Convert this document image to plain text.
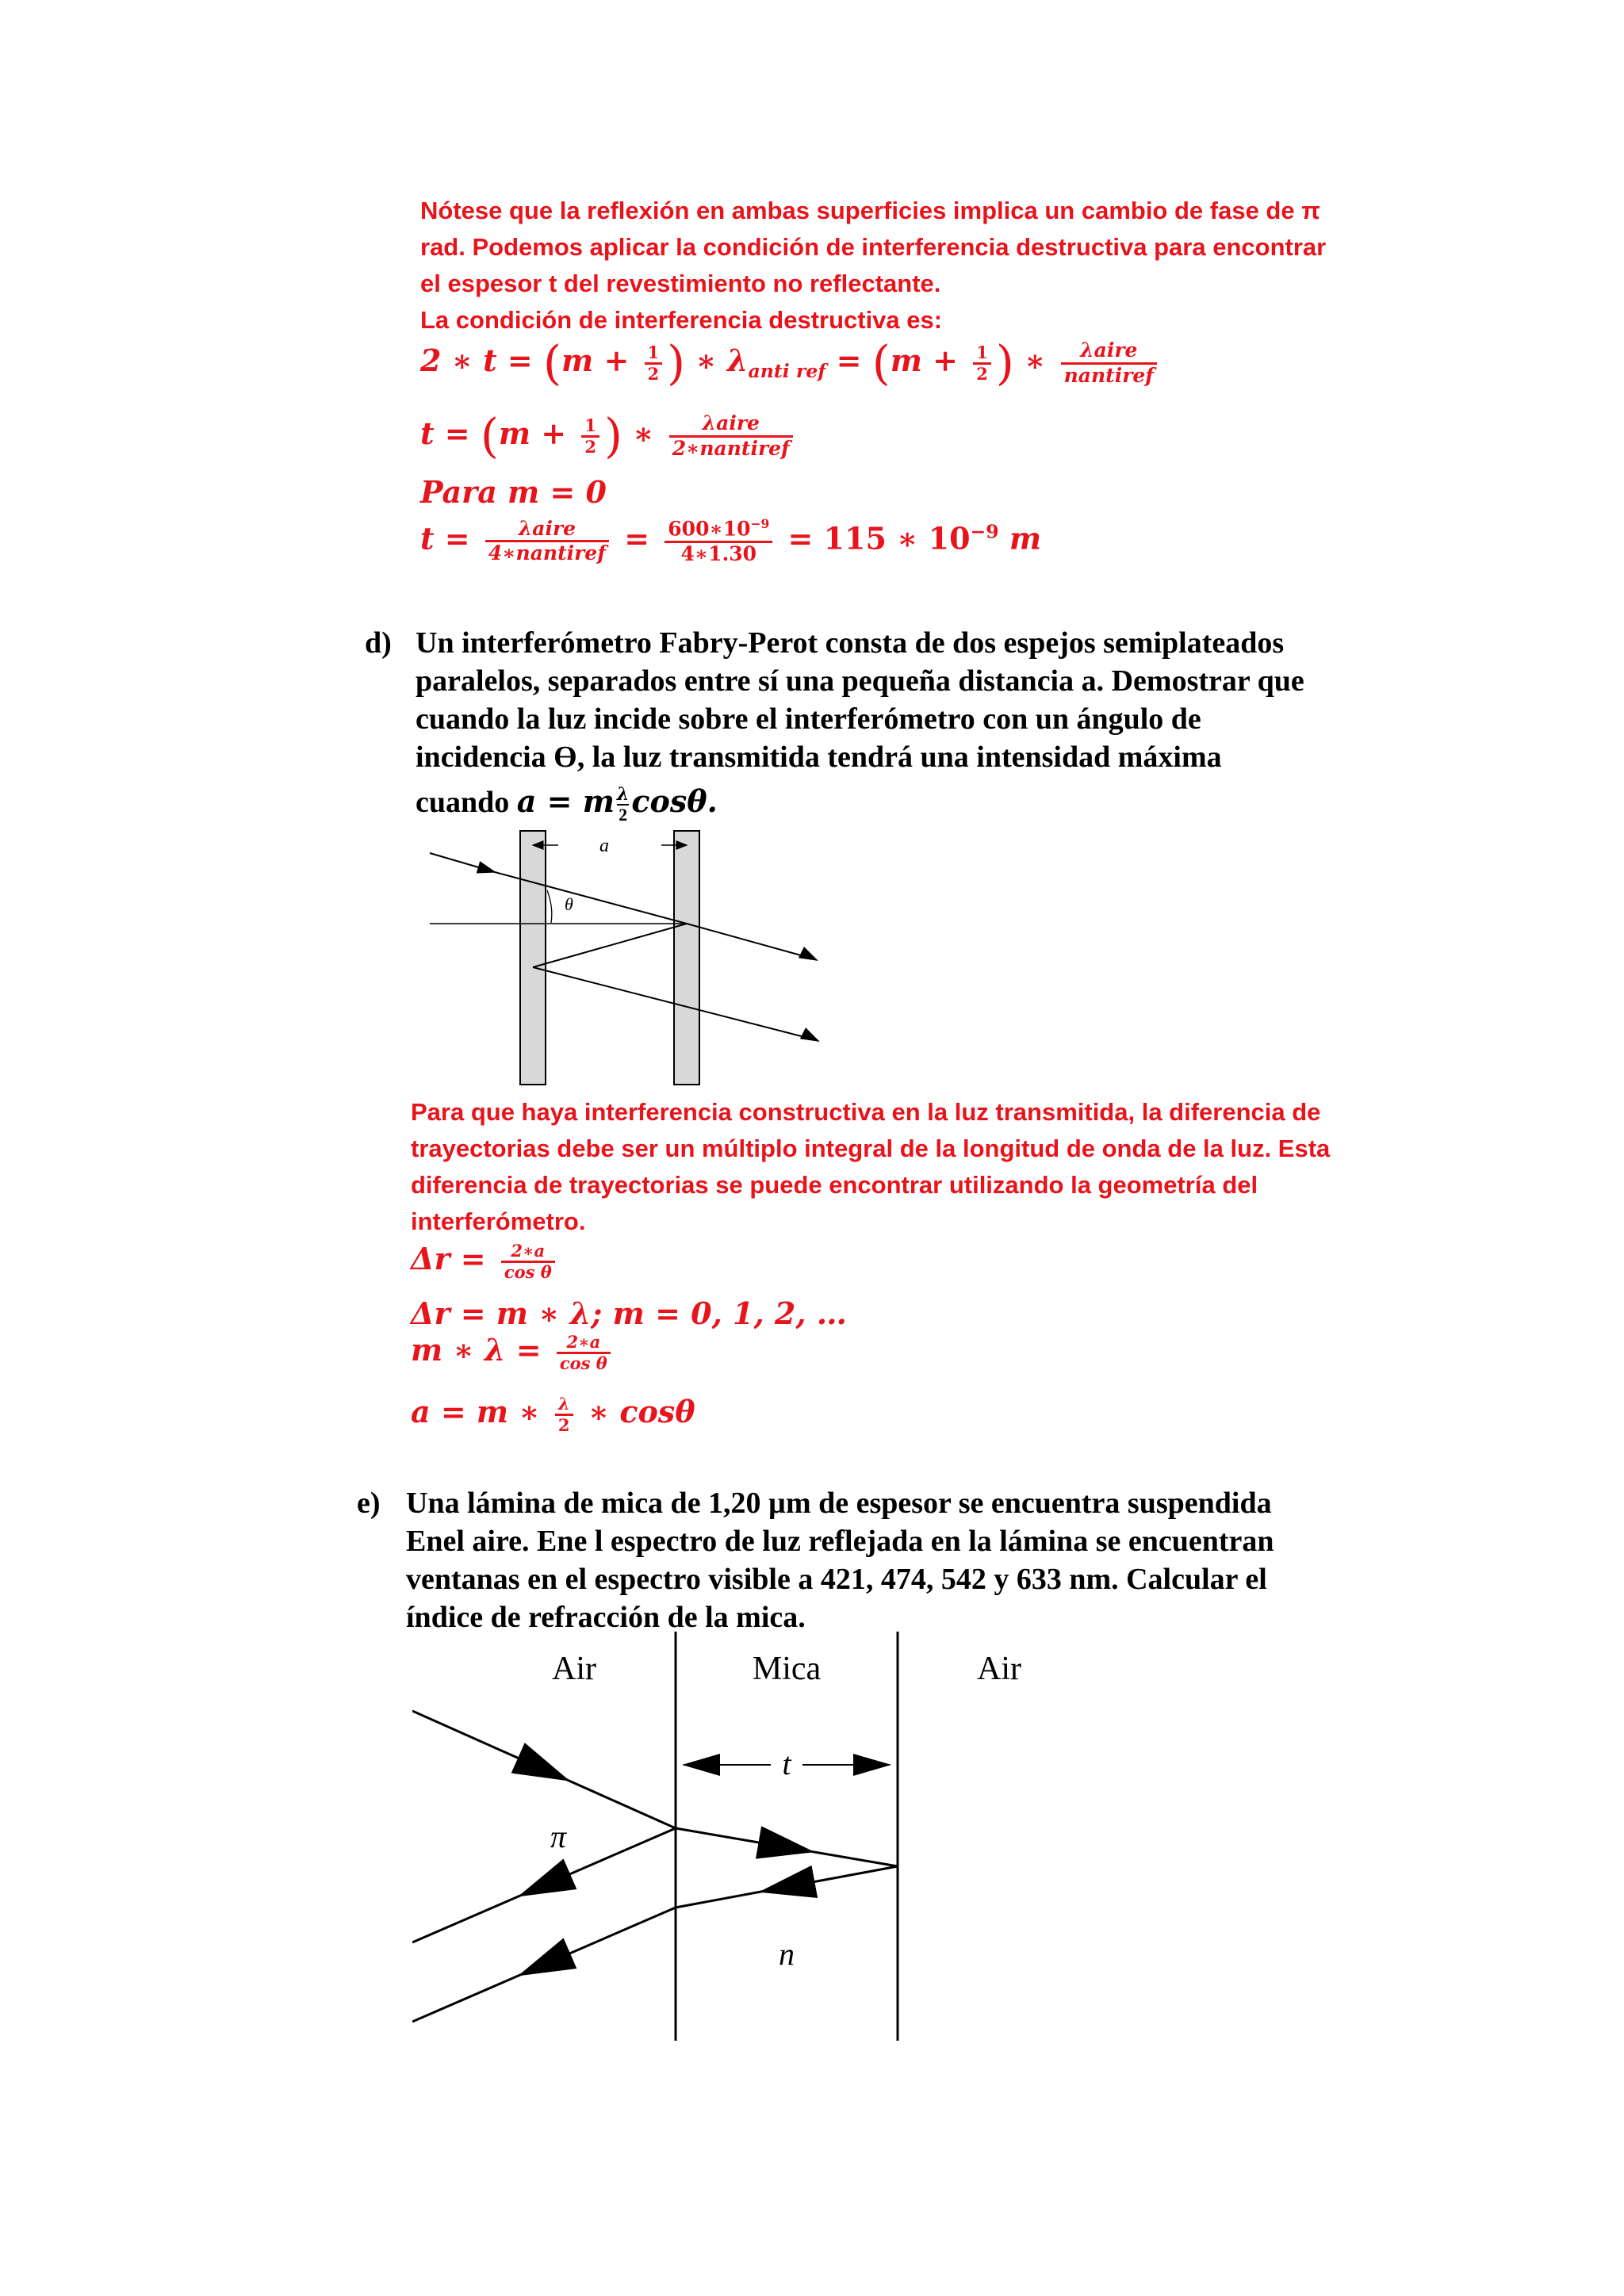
Nótese que la reflexión en ambas superficies implica un cambio de fase de π
rad. Podemos aplicar la condición de interferencia destructiva para encontrar
el espesor t del revestimiento no reflectante.
La condición de interferencia destructiva es:
2 ∗ $t = (m + \frac{1}{2}$ ) ∗ $\lambda_{anti ref} = (m + \frac{1}{2}$ ) ∗ $\frac{\text{λaire}}{\text{nantiref}}$
$t = (m + \frac{1}{2}$ ) ∗ $\frac{\text{λaire}}{\text{2∗nantiref}}$
Para m = 0
$t = \frac{\text{λaire}}{\text{4∗nantiref}} = \frac{600∗10^{-9}}{4∗1.30} = 115$ ∗ $10^{-9}$ m
d) Un interferómetro Fabry-Perot consta de dos espejos semiplateados
paralelos, separados entre sí una pequeña distancia a. Demostrar que
cuando la luz incide sobre el interferómetro con un ángulo de
incidencia ϴ, la luz transmitida tendrá una intensidad máxima
cuando a = m $\frac{\lambda}{2} \cos\theta$.
a
θ
Para que haya interferencia constructiva en la luz transmitida, la diferencia de
trayectorias debe ser un múltiplo integral de la longitud de onda de la luz. Esta
diferencia de trayectorias se puede encontrar utilizando la geometría del
interferómetro.
$\Delta r = \frac{2∗a}{\text{cos θ}}$
Δr = m ∗ λ; m = 0, 1, 2, …
m ∗ $\lambda = \frac{2∗a}{\text{cos θ}}$
a = m ∗ $\frac{\lambda}{2}$ ∗ cosθ
e) Una lámina de mica de 1,20 µm de espesor se encuentra suspendida
Enel aire. Ene l espectro de luz reflejada en la lámina se encuentran
ventanas en el espectro visible a 421, 474, 542 y 633 nm. Calcular el
índice de refracción de la mica.
Air	Mica	Air
t
π
n
